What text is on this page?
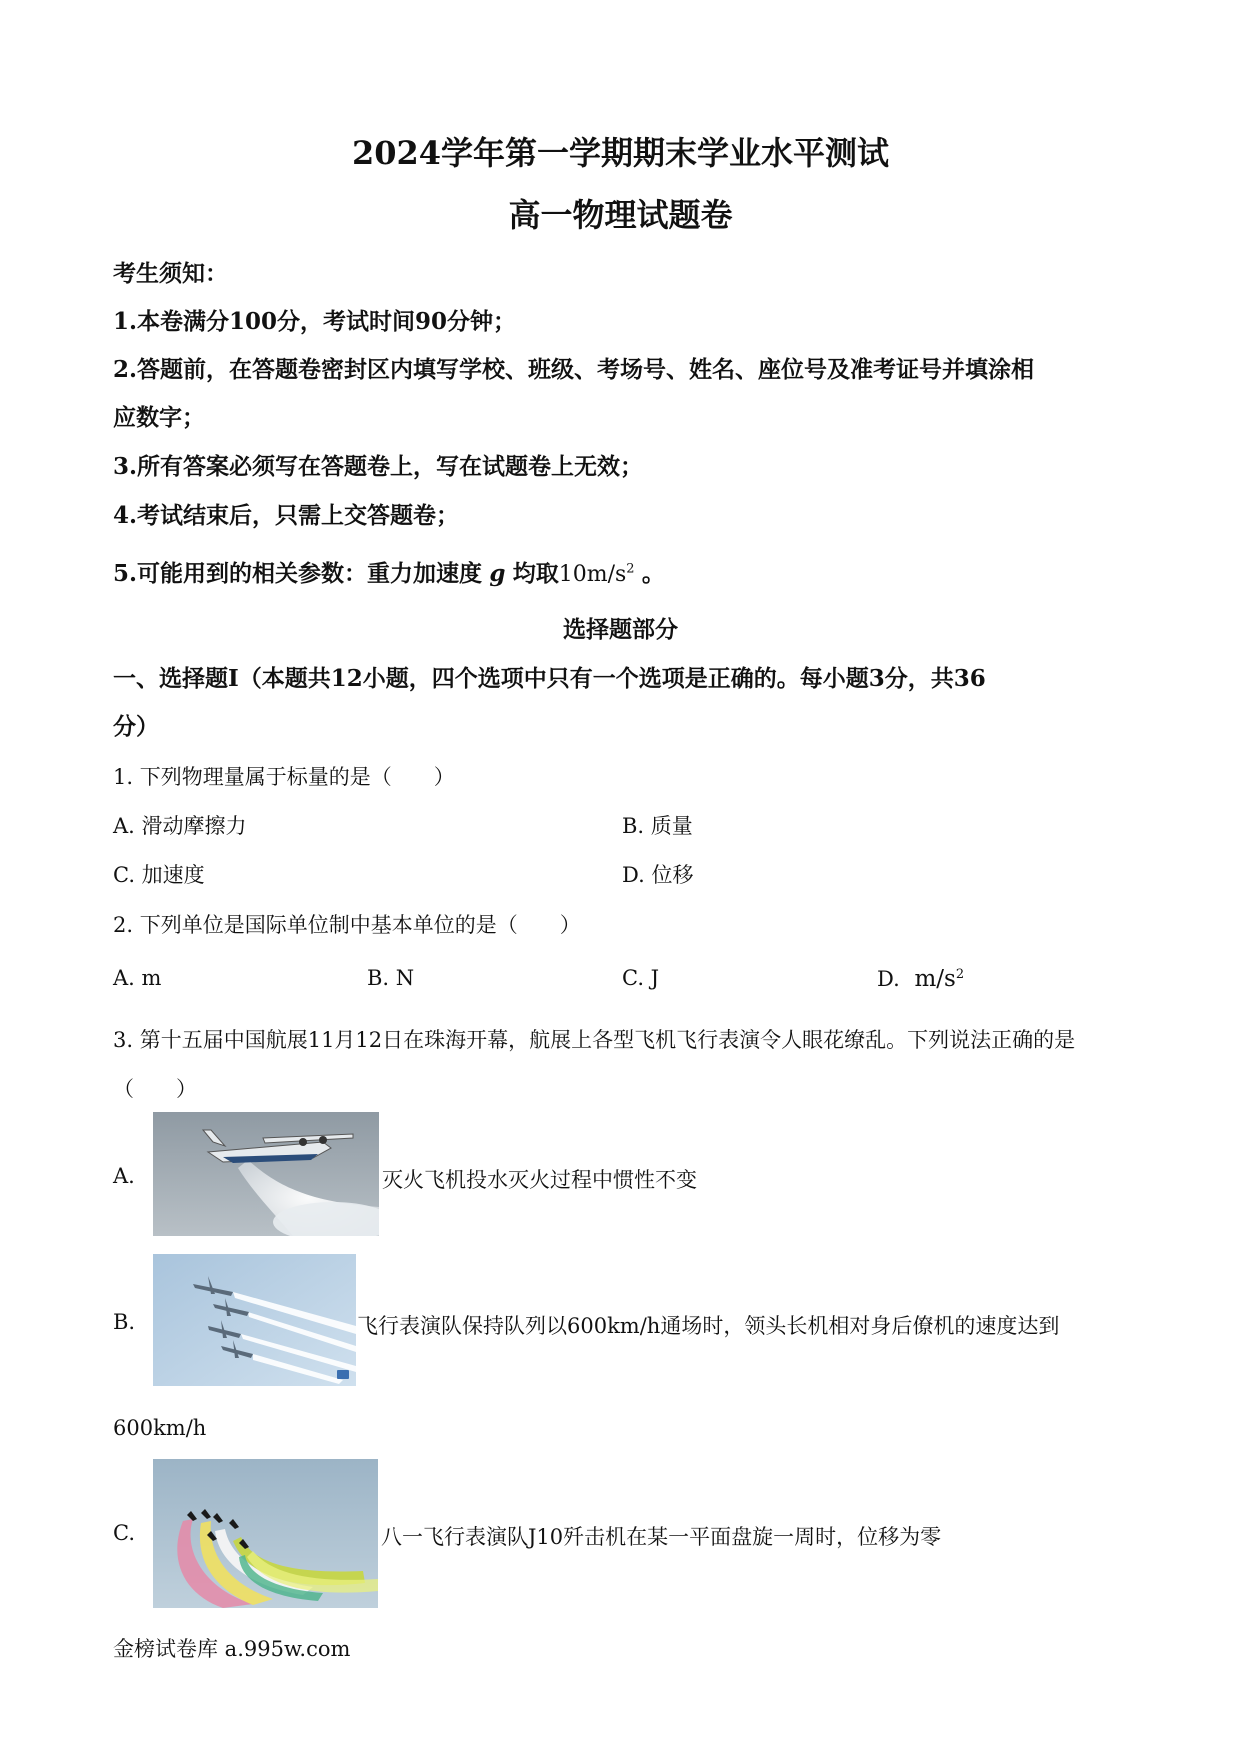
2024学年第一学期期末学业水平测试
高一物理试题卷
考生须知：
1.本卷满分100分，考试时间90分钟；
2.答题前，在答题卷密封区内填写学校、班级、考场号、姓名、座位号及准考证号并填涂相
应数字；
3.所有答案必须写在答题卷上，写在试题卷上无效；
4.考试结束后，只需上交答题卷；
5.可能用到的相关参数：重力加速度 g 均取$10m/s^2$ 。
选择题部分
一、选择题Ⅰ（本题共12小题，四个选项中只有一个选项是正确的。每小题3分，共36
分）
1. 下列物理量属于标量的是（　　）
A. 滑动摩擦力	B. 质量
C. 加速度	D. 位移
2. 下列单位是国际单位制中基本单位的是（　　）
A. m	B. N	C. J	D. $m/s^2$
3. 第十五届中国航展11月12日在珠海开幕，航展上各型飞机飞行表演令人眼花缭乱。下列说法正确的是
（　　）
A.	灭火飞机投水灭火过程中惯性不变
B.	飞行表演队保持队列以600km/h通场时，领头长机相对身后僚机的速度达到
600km/h
C.	八一飞行表演队J10歼击机在某一平面盘旋一周时，位移为零
金榜试卷库 a.995w.com
